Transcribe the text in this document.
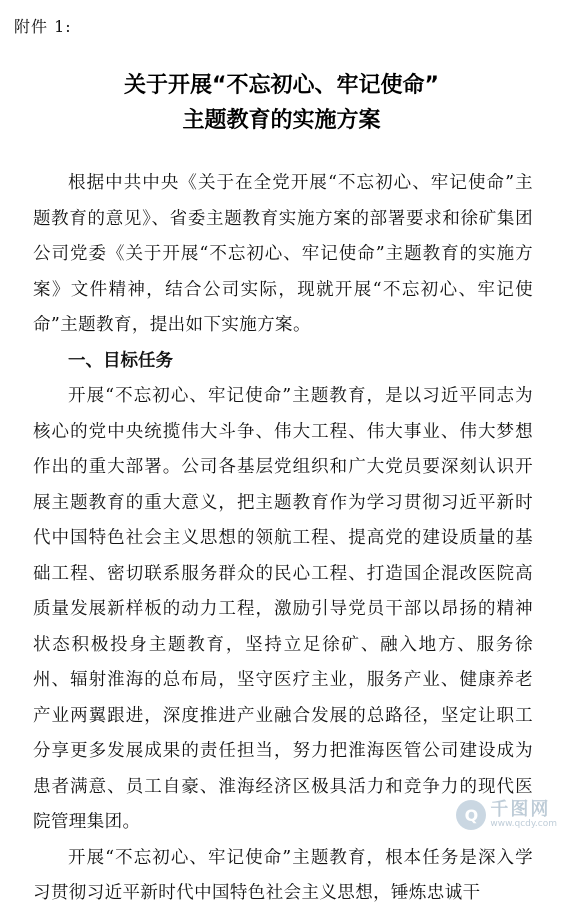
附件 1:
关于开展“不忘初心、牢记使命”
主题教育的实施方案

根据中共中央《关于在全党开展“不忘初心、牢记使命”主题教育的意见》、省委主题教育实施方案的部署要求和徐矿集团公司党委《关于开展“不忘初心、牢记使命”主题教育的实施方案》文件精神，结合公司实际，现就开展“不忘初心、牢记使命”主题教育，提出如下实施方案。

一、目标任务

开展“不忘初心、牢记使命”主题教育，是以习近平同志为核心的党中央统揽伟大斗争、伟大工程、伟大事业、伟大梦想作出的重大部署。公司各基层党组织和广大党员要深刻认识开展主题教育的重大意义，把主题教育作为学习贯彻习近平新时代中国特色社会主义思想的领航工程、提高党的建设质量的基础工程、密切联系服务群众的民心工程、打造国企混改医院高质量发展新样板的动力工程，激励引导党员干部以昂扬的精神状态积极投身主题教育，坚持立足徐矿、融入地方、服务徐州、辐射淮海的总布局，坚守医疗主业，服务产业、健康养老产业两翼跟进，深度推进产业融合发展的总路径，坚定让职工分享更多发展成果的责任担当，努力把淮海医管公司建设成为患者满意、员工自豪、淮海经济区极具活力和竞争力的现代医院管理集团。

开展“不忘初心、牢记使命”主题教育，根本任务是深入学习贯彻习近平新时代中国特色社会主义思想，锤炼忠诚干

Q 千图网
www.qcdy.com
